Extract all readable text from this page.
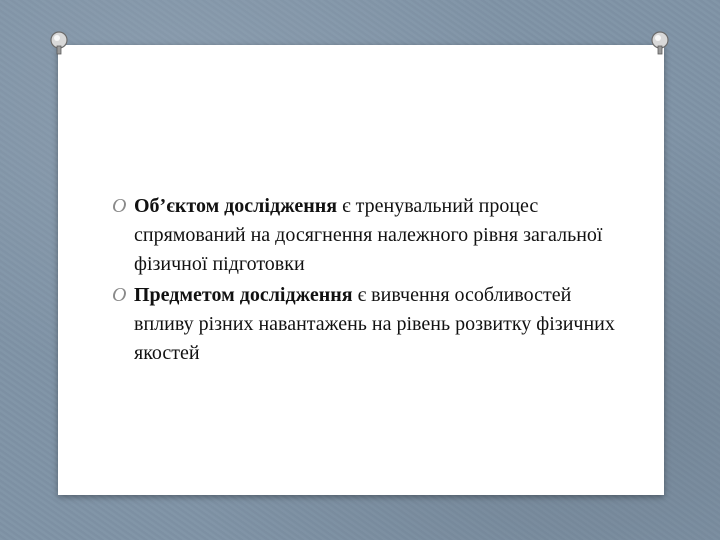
O Об’єктом дослідження є тренувальний процес спрямований на досягнення належного рівня загальної фізичної підготовки
O Предметом дослідження є вивчення особливостей впливу різних навантажень на рівень розвитку фізичних якостей
